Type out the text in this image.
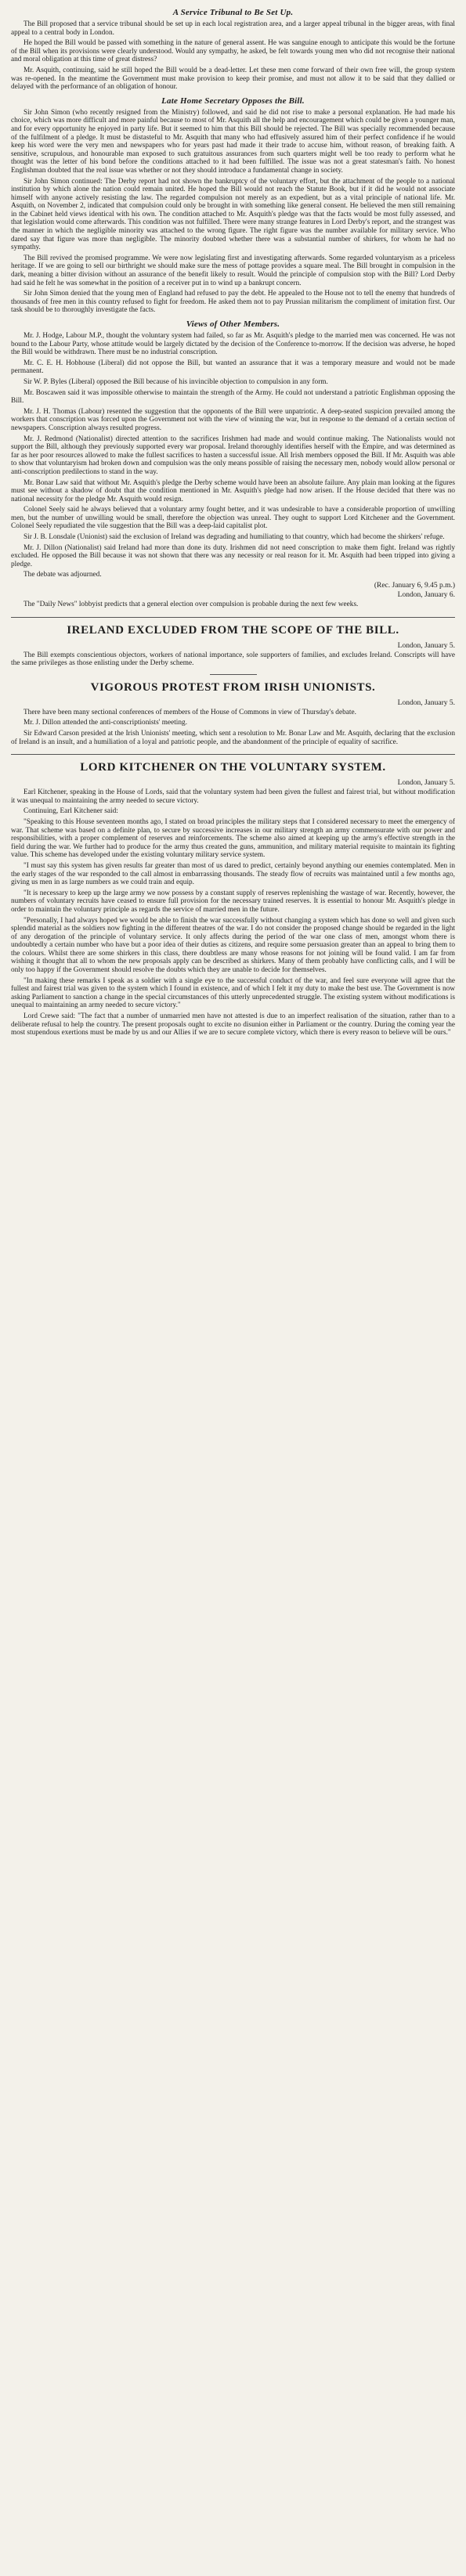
A Service Tribunal to Be Set Up.

The Bill proposed that a service tribunal should be set up in each local registration area, and a larger appeal tribunal in the bigger areas, with final appeal to a central body in London.

He hoped the Bill would be passed with something in the nature of general assent. He was sanguine enough to anticipate this would be the fortune of the Bill when its provisions were clearly understood. Would any sympathy, he asked, be felt towards young men who did not recognise their national and moral obligation at this time of great distress?

Mr. Asquith, continuing, said he still hoped the Bill would be a dead-letter. Let these men come forward of their own free will, the group system was re-opened. In the meantime the Government must make provision to keep their promise, and must not allow it to be said that they dallied or delayed with the performance of an obligation of honour.

Late Home Secretary Opposes the Bill.

Sir John Simon (who recently resigned from the Ministry) followed, and said he did not rise to make a personal explanation. He had made his choice, which was more difficult and more painful because to most of Mr. Asquith all the help and encouragement which could be given a younger man, and for every opportunity he enjoyed in party life. But it seemed to him that this Bill should be rejected. The Bill was specially recommended because of the fulfilment of a pledge. It must be distasteful to Mr. Asquith that many who had effusively assured him of their perfect confidence if he would keep his word were the very men and newspapers who for years past had made it their trade to accuse him, without reason, of breaking faith. A sensitive, scrupulous, and honourable man exposed to such gratuitous assurances from such quarters might well be too ready to perform what he thought was the letter of his bond before the conditions attached to it had been fulfilled. The issue was not a great statesman's faith. No honest Englishman doubted that the real issue was whether or not they should introduce a fundamental change in society.

Sir John Simon continued: The Derby report had not shown the bankruptcy of the voluntary effort, but the attachment of the people to a national institution by which alone the nation could remain united. He hoped the Bill would not reach the Statute Book, but if it did he would not associate himself with anyone actively resisting the law. The regarded compulsion not merely as an expedient, but as a vital principle of national life. Mr. Asquith, on November 2, indicated that compulsion could only be brought in with something like general consent. He believed the men still remaining in the Cabinet held views identical with his own. The condition attached to Mr. Asquith's pledge was that the facts would be most fully assessed, and that legislation would come afterwards. This condition was not fulfilled. There were many strange features in Lord Derby's report, and the strangest was the manner in which the negligible minority was attached to the wrong figure. The right figure was the number available for military service. Who dared say that figure was more than negligible. The minority doubted whether there was a substantial number of shirkers, for whom he had no sympathy.

The Bill revived the promised programme. We were now legislating first and investigating afterwards. Some regarded voluntaryism as a priceless heritage. If we are going to sell our birthright we should make sure the mess of pottage provides a square meal. The Bill brought in compulsion in the dark, meaning a bitter division without an assurance of the benefit likely to result. Would the principle of compulsion stop with the Bill? Lord Derby had said he felt he was somewhat in the position of a receiver put in to wind up a bankrupt concern.

Sir John Simon denied that the young men of England had refused to pay the debt. He appealed to the House not to tell the enemy that hundreds of thousands of free men in this country refused to fight for freedom. He asked them not to pay Prussian militarism the compliment of imitation first. Our task should be to thoroughly investigate the facts.

Views of Other Members.

Mr. J. Hodge, Labour M.P., thought the voluntary system had failed, so far as Mr. Asquith's pledge to the married men was concerned. He was not bound to the Labour Party, whose attitude would be largely dictated by the decision of the Conference to-morrow. If the decision was adverse, he hoped the Bill would be withdrawn. There must be no industrial conscription.

Mr. C. E. H. Hobhouse (Liberal) did not oppose the Bill, but wanted an assurance that it was a temporary measure and would not be made permanent.

Sir W. P. Byles (Liberal) opposed the Bill because of his invincible objection to compulsion in any form.

Mr. Boscawen said it was impossible otherwise to maintain the strength of the Army. He could not understand a patriotic Englishman opposing the Bill.

Mr. J. H. Thomas (Labour) resented the suggestion that the opponents of the Bill were unpatriotic. A deep-seated suspicion prevailed among the workers that conscription was forced upon the Government not with the view of winning the war, but in response to the demand of a certain section of newspapers. Conscription always resulted progress.

Mr. J. Redmond (Nationalist) directed attention to the sacrifices Irishmen had made and would continue making. The Nationalists would not support the Bill, although they previously supported every war proposal. Ireland thoroughly identifies herself with the Empire, and was determined as far as her poor resources allowed to make the fullest sacrifices to hasten a successful issue. All Irish members opposed the Bill. If Mr. Asquith was able to show that voluntaryism had broken down and compulsion was the only means possible of raising the necessary men, nobody would allow personal or anti-conscription predilections to stand in the way.

Mr. Bonar Law said that without Mr. Asquith's pledge the Derby scheme would have been an absolute failure. Any plain man looking at the figures must see without a shadow of doubt that the condition mentioned in Mr. Asquith's pledge had now arisen. If the House decided that there was no national necessity for the pledge Mr. Asquith would resign.

Colonel Seely said he always believed that a voluntary army fought better, and it was undesirable to have a considerable proportion of unwilling men, but the number of unwilling would be small, therefore the objection was unreal. They ought to support Lord Kitchener and the Government. Colonel Seely repudiated the vile suggestion that the Bill was a deep-laid capitalist plot.

Sir J. B. Lonsdale (Unionist) said the exclusion of Ireland was degrading and humiliating to that country, which had become the shirkers' refuge.

Mr. J. Dillon (Nationalist) said Ireland had more than done its duty. Irishmen did not need conscription to make them fight. Ireland was rightly excluded. He opposed the Bill because it was not shown that there was any necessity or real reason for it. Mr. Asquith had been tripped into giving a pledge.

The debate was adjourned.

(Rec. January 6, 9.45 p.m.)
London, January 6.

The "Daily News" lobbyist predicts that a general election over compulsion is probable during the next few weeks.

IRELAND EXCLUDED FROM THE SCOPE OF THE BILL.
London, January 5.

The Bill exempts conscientious objectors, workers of national importance, sole supporters of families, and excludes Ireland. Conscripts will have the same privileges as those enlisting under the Derby scheme.

VIGOROUS PROTEST FROM IRISH UNIONISTS.
London, January 5.

There have been many sectional conferences of members of the House of Commons in view of Thursday's debate.

Mr. J. Dillon attended the anti-conscriptionists' meeting.

Sir Edward Carson presided at the Irish Unionists' meeting, which sent a resolution to Mr. Bonar Law and Mr. Asquith, declaring that the exclusion of Ireland is an insult, and a humiliation of a loyal and patriotic people, and the abandonment of the principle of equality of sacrifice.

LORD KITCHENER ON THE VOLUNTARY SYSTEM.
London, January 5.

Earl Kitchener, speaking in the House of Lords, said that the voluntary system had been given the fullest and fairest trial, but without modification it was unequal to maintaining the army needed to secure victory.

Continuing, Earl Kitchener said:

"Speaking to this House seventeen months ago, I stated on broad principles the military steps that I considered necessary to meet the emergency of war. That scheme was based on a definite plan, to secure by successive increases in our military strength an army commensurate with our power and responsibilities, with a proper complement of reserves and reinforcements. The scheme also aimed at keeping up the army's effective strength in the field during the war. We further had to produce for the army thus created the guns, ammunition, and military material requisite to maintain its fighting value. This scheme has developed under the existing voluntary military service system.

"I must say this system has given results far greater than most of us dared to predict, certainly beyond anything our enemies contemplated. Men in the early stages of the war responded to the call almost in embarrassing thousands. The steady flow of recruits was maintained until a few months ago, giving us men in as large numbers as we could train and equip.

"It is necessary to keep up the large army we now possess by a constant supply of reserves replenishing the wastage of war. Recently, however, the numbers of voluntary recruits have ceased to ensure full provision for the necessary trained reserves. It is essential to honour Mr. Asquith's pledge in order to maintain the voluntary principle as regards the service of married men in the future.

"Personally, I had always hoped we would be able to finish the war successfully without changing a system which has done so well and given such splendid material as the soldiers now fighting in the different theatres of the war. I do not consider the proposed change should be regarded in the light of any derogation of the principle of voluntary service. It only affects during the period of the war one class of men, amongst whom there is undoubtedly a certain number who have but a poor idea of their duties as citizens, and require some persuasion greater than an appeal to bring them to the colours. Whilst there are some shirkers in this class, there doubtless are many whose reasons for not joining will be found valid. I am far from wishing it thought that all to whom the new proposals apply can be described as shirkers. Many of them probably have conflicting calls, and I will be only too happy if the Government should resolve the doubts which they are unable to decide for themselves.

"In making these remarks I speak as a soldier with a single eye to the successful conduct of the war, and feel sure everyone will agree that the fullest and fairest trial was given to the system which I found in existence, and of which I felt it my duty to make the best use. The Government is now asking Parliament to sanction a change in the special circumstances of this utterly unprecedented struggle. The existing system without modifications is unequal to maintaining an army needed to secure victory."

Lord Crewe said: "The fact that a number of unmarried men have not attested is due to an imperfect realisation of the situation, rather than to a deliberate refusal to help the country. The present proposals ought to excite no disunion either in Parliament or the country. During the coming year the most stupendous exertions must be made by us and our Allies if we are to secure complete victory, which there is every reason to believe will be ours."
